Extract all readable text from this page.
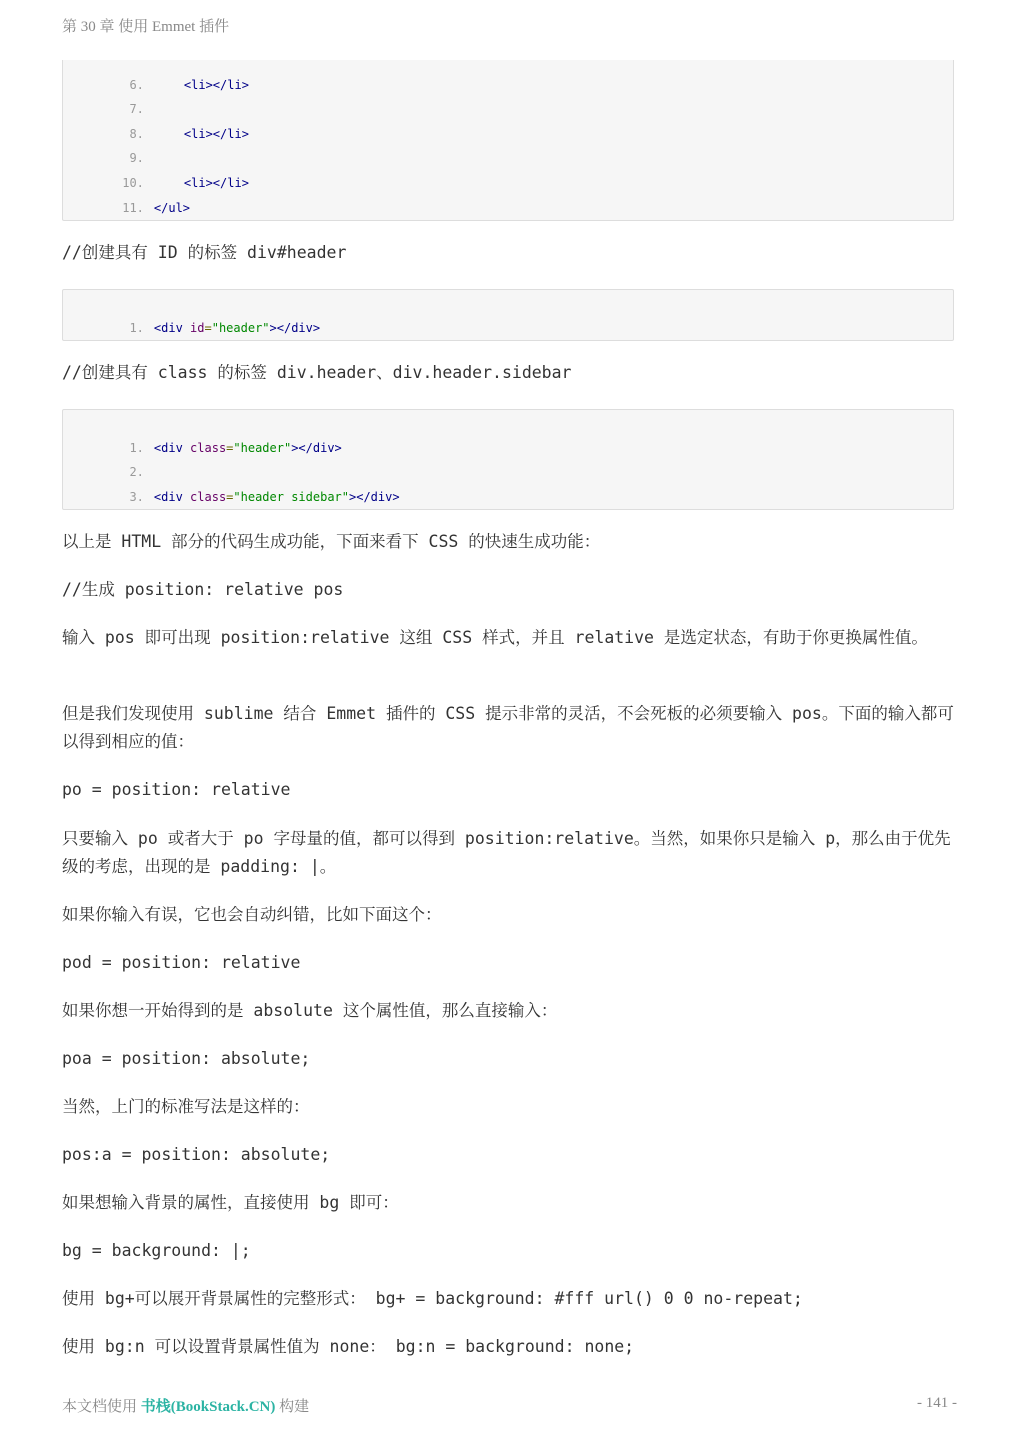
第 30 章 使用 Emmet 插件

6.	<li></li>

7.

8.	<li></li>

9.

10.	<li></li>

11. </ul>

//创建具有 ID 的标签 div#header

1. <div id="header"></div>

//创建具有 class 的标签 div.header、div.header.sidebar

1. <div class="header"></div>

2.

3. <div class="header sidebar"></div>

以上是 HTML 部分的代码生成功能，下面来看下 CSS 的快速生成功能：

//生成 position: relative pos

输入 pos 即可出现 position:relative 这组 CSS 样式，并且 relative 是选定状态，有助于你更换属性值。

但是我们发现使用 sublime 结合 Emmet 插件的 CSS 提示非常的灵活，不会死板的必须要输入 pos。下面的输入都可以得到相应的值：

po = position: relative

只要输入 po 或者大于 po 字母量的值，都可以得到 position:relative。当然，如果你只是输入 p，那么由于优先级的考虑，出现的是 padding: |。

如果你输入有误，它也会自动纠错，比如下面这个：

pod = position: relative

如果你想一开始得到的是 absolute 这个属性值，那么直接输入：

poa = position: absolute;

当然，上门的标准写法是这样的：

pos:a = position: absolute;

如果想输入背景的属性，直接使用 bg 即可：

bg = background: |;

使用 bg+可以展开背景属性的完整形式： bg+ = background: #fff url() 0 0 no-repeat;

使用 bg:n 可以设置背景属性值为 none： bg:n = background: none;

本文档使用 书栈(BookStack.CN) 构建	- 141 -
